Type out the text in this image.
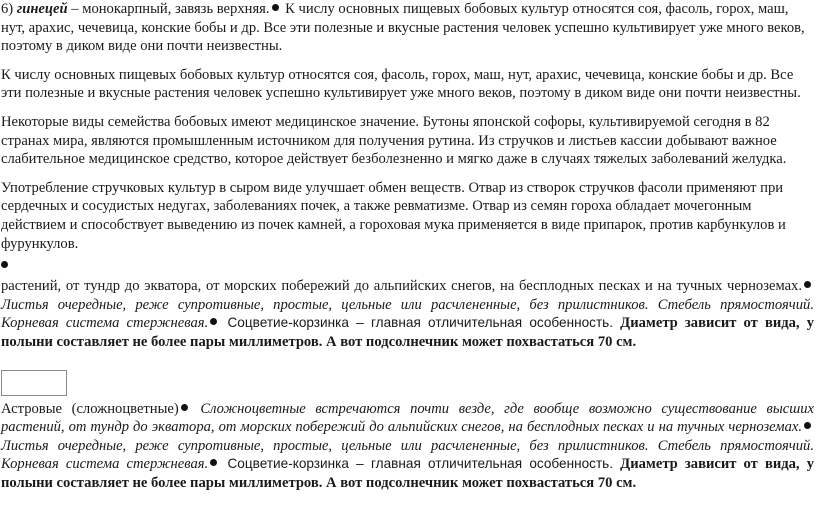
6) гинецей – монокарпный, завязь верхняя. К числу основных пищевых бобовых культур относятся соя, фасоль, горох, маш, нут, арахис, чечевица, конские бобы и др. Все эти полезные и вкусные растения человек успешно культивирует уже много веков, поэтому в диком виде они почти неизвестны.

К числу основных пищевых бобовых культур относятся соя, фасоль, горох, маш, нут, арахис, чечевица, конские бобы и др. Все эти полезные и вкусные растения человек успешно культивирует уже много веков, поэтому в диком виде они почти неизвестны.

Некоторые виды семейства бобовых имеют медицинское значение. Бутоны японской софоры, культивируемой сегодня в 82 странах мира, являются промышленным источником для получения рутина. Из стручков и листьев кассии добывают важное слабительное медицинское средство, которое действует безболезненно и мягко даже в случаях тяжелых заболеваний желудка.

Употребление стручковых культур в сыром виде улучшает обмен веществ. Отвар из створок стручков фасоли применяют при сердечных и сосудистых недугах, заболеваниях почек, а также ревматизме. Отвар из семян гороха обладает мочегонным действием и способствует выведению из почек камней, а гороховая мука применяется в виде припарок, против карбункулов и фурункулов.

растений, от тундр до экватора, от морских побережий до альпийских снегов, на бесплодных песках и на тучных черноземах. Листья очередные, реже супротивные, простые, цельные или расчлененные, без прилистников. Стебель прямостоячий. Корневая система стержневая. Соцветие-корзинка – главная отличительная особенность. Диаметр зависит от вида, у полыни составляет не более пары миллиметров. А вот подсолнечник может похвастаться 70 см.

Астровые (сложноцветные) Сложноцветные встречаются почти везде, где вообще возможно существование высших растений, от тундр до экватора, от морских побережий до альпийских снегов, на бесплодных песках и на тучных черноземах. Листья очередные, реже супротивные, простые, цельные или расчлененные, без прилистников. Стебель прямостоячий. Корневая система стержневая. Соцветие-корзинка – главная отличительная особенность. Диаметр зависит от вида, у полыни составляет не более пары миллиметров. А вот подсолнечник может похвастаться 70 см.
